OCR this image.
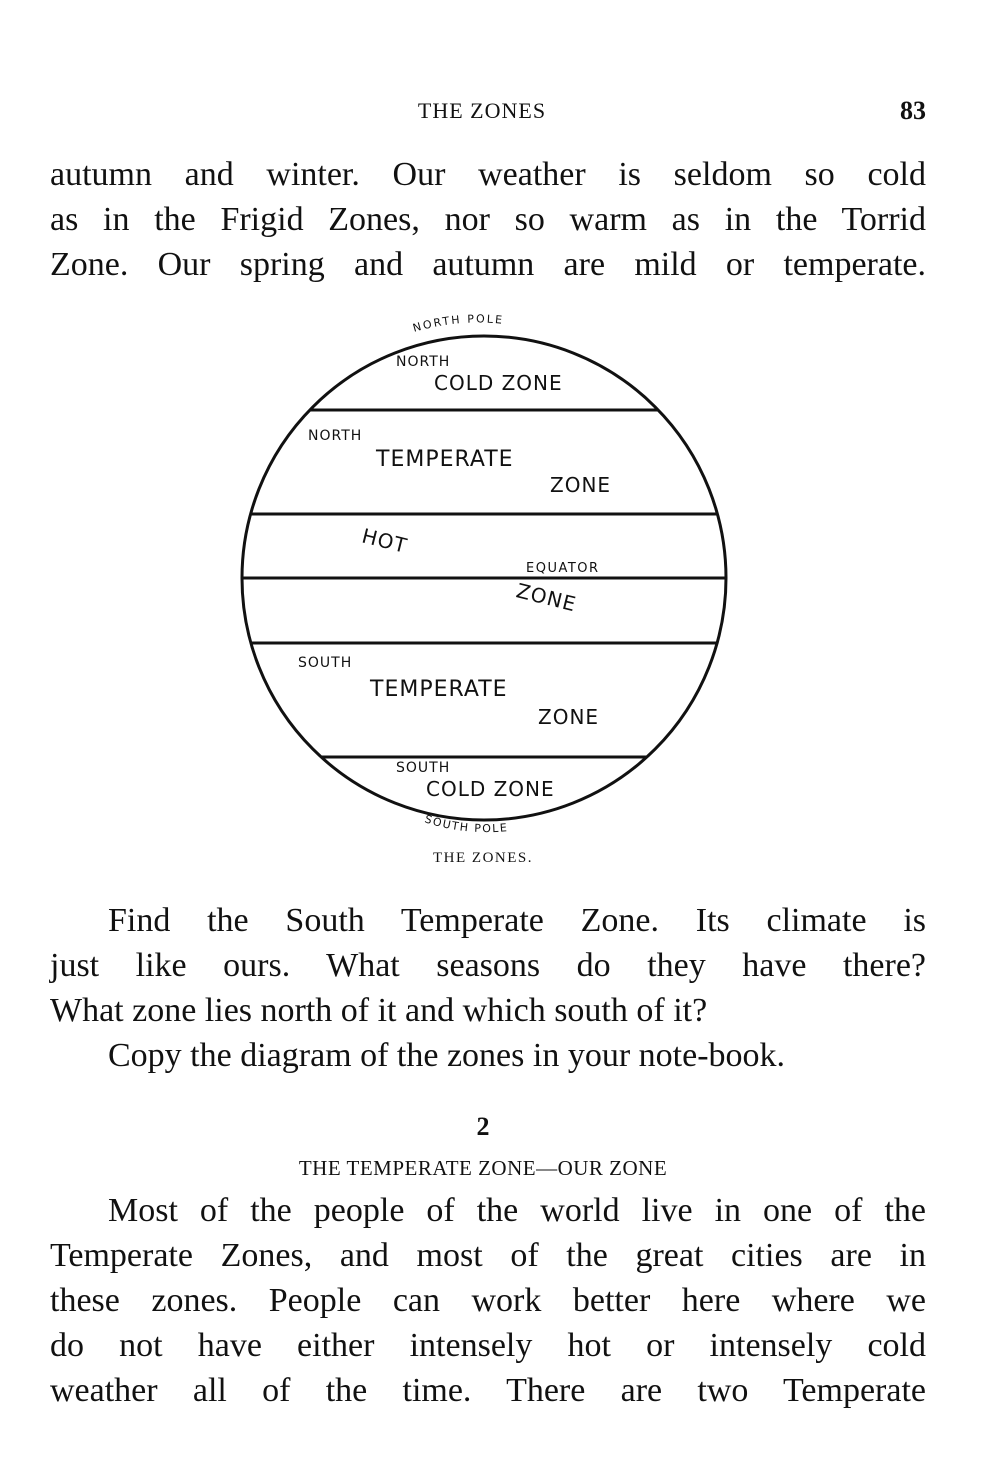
THE ZONES	83

autumn and winter. Our weather is seldom so cold
as in the Frigid Zones, nor so warm as in the Torrid
Zone. Our spring and autumn are mild or temperate.

NORTH POLE
NORTH
COLD ZONE
NORTH
TEMPERATE
ZONE
HOT
EQUATOR
ZONE
SOUTH
TEMPERATE
ZONE
SOUTH
COLD ZONE
SOUTH POLE
THE ZONES.

Find the South Temperate Zone. Its climate is
just like ours. What seasons do they have there?
What zone lies north of it and which south of it?

Copy the diagram of the zones in your note-book.

2
THE TEMPERATE ZONE—OUR ZONE

Most of the people of the world live in one of the
Temperate Zones, and most of the great cities are in
these zones. People can work better here where we
do not have either intensely hot or intensely cold
weather all of the time. There are two Temperate
